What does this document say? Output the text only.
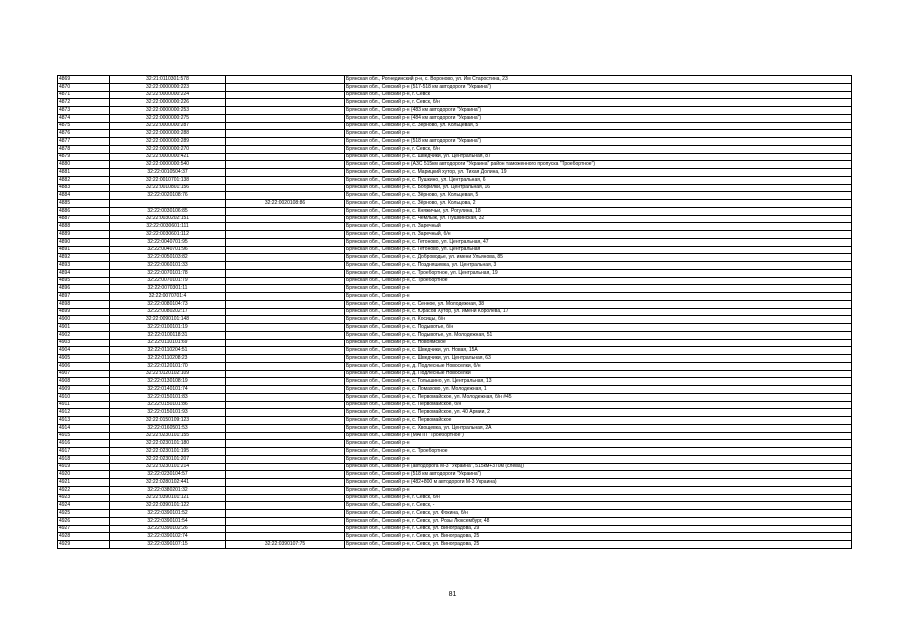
4869	32:21:0110301:578		Брянская обл., Рогнединский р-н, с. Вороново, ул. Им Старостина, 23
4870	32:22:0000000:223		Брянская обл., Севский р-н (517-518 км автодороги "Украина")
4871	32:22:0000000:224		Брянская обл., Севский р-н, г. Севск
4872	32:22:0000000:226		Брянская обл., Севский р-н, г. Севск, б/н
4873	32:22:0000000:253		Брянская обл., Севский р-н (483 км автодороги "Украина")
4874	32:22:0000000:275		Брянская обл., Севский р-н (484 км автодороги "Украина")
4875	32:22:0000000:287		Брянская обл., Севский р-н, с. Зёрново, ул. Кольцевая, 5
4876	32:22:0000000:288		Брянская обл., Севский р-н
4877	32:22:0000000:289		Брянская обл., Севский р-н (518 км автодороги "Украина")
4878	32:22:0000000:270		Брянская обл., Севский р-н, г. Севск, б/н
4879	32:22:0000000:421		Брянская обл., Севский р-н, с. Шведчики, ул. Центральная, 87
4880	32:22:0000000:540		Брянская обл., Севский р-н (АЗС 515км автодороги "Украина" район таможенного пропуска "Троебортное")
4881	32:22:0010504:37		Брянская обл., Севский р-н, с. Марицкий хутор, ул. Тихая Долина, 19
4882	32:22:0010701:138		Брянская обл., Севский р-н, с. Пушкино, ул. Центральная, 6
4883	32:22:0010801:156		Брянская обл., Севский р-н, с. Бобрилки, ул. Центральная, 16
4884	32:22:0020108:76		Брянская обл., Севский р-н, с. Зёрново, ул. Кольцевая, 5
4885		32:22:0020108:86	Брянская обл., Севский р-н, с. Зёрново, ул. Кольцова, 2
4886	32:22:0030106:85		Брянская обл., Севский р-н, с. Княжичьи, ул. Рогулина, 18
4887	32:22:0030202:151		Брянская обл., Севский р-н, с. Чемлыж, ул. Пушкинская, 32
4888	32:22:0030601:111		Брянская обл., Севский р-н, п. Заречный
4889	32:22:0030601:112		Брянская обл., Севский р-н, п. Заречный, б/н
4890	32:22:0040701:95		Брянская обл., Севский р-н, с. Гетоново, ул. Центральная, 47
4891	32:22:0040701:96		Брянская обл., Севский р-н, с. Гетоново, ул. Центральная
4892	32:22:0050103:82		Брянская обл., Севский р-н, с. Доброводье, ул. имени Ульянова, 85
4893	32:22:0060101:33		Брянская обл., Севский р-н, с. Поздняшевка, ул. Центральная, 3
4894	32:22:0070101:78		Брянская обл., Севский р-н, с. Троебортное, ул. Центральная, 19
4895	32:22:0070101:79		Брянская обл., Севский р-н, с. Троебортное
4896	32:22:0070301:11		Брянская обл., Севский р-н
4897	32:22:0070701:4		Брянская обл., Севский р-н
4898	32:22:0080104:73		Брянская обл., Севский р-н, с. Сенное, ул. Молодежная, 38
4899	32:22:0080202:17		Брянская обл., Севский р-н, с. Юрасов Хутор, ул. имени Королёва, 17
4900	32:22:0090101:148		Брянская обл., Севский р-н, п. Косицы, б/н
4901	32:22:0100101:19		Брянская обл., Севский р-н, с. Подывотье, б/н
4902	32:22:0100118:31		Брянская обл., Севский р-н, с. Подывотье, ул. Молодежная, 51
4903	32:22:0110101:69		Брянская обл., Севский р-н, с. Новоямское
4904	32:22:0110204:51		Брянская обл., Севский р-н, с. Шведчики, ул. Новая, 15А
4905	32:22:0110208:23		Брянская обл., Севский р-н, с. Шведчики, ул. Центральная, 63
4906	32:22:0120101:70		Брянская обл., Севский р-н, д. Подлесные Новоселки, б/н
4907	32:22:0120102:109		Брянская обл., Севский р-н, д. Подлесные Новоселки
4908	32:22:0130108:19		Брянская обл., Севский р-н, с. Голышино, ул. Центральная, 13
4909	32:22:0140101:74		Брянская обл., Севский р-н, с. Ломахово, ул. Молодежная, 1
4910	32:22:0150101:83		Брянская обл., Севский р-н, с. Первомайское, ул. Молодежная, б/н #45
4911	32:22:0150101:86		Брянская обл., Севский р-н, с. Первомайское, б/н
4912	32:22:0150101:93		Брянская обл., Севский р-н, с. Первомайское, ул. 40 Армии, 2
4913	32:22:0150109:123		Брянская обл., Севский р-н, с. Первомайское
4914	32:22:0160501:53		Брянская обл., Севский р-н, с. Хвощевка, ул. Центральная, 2А
4915	32:22:0230101:155		Брянская обл., Севский р-н (МАПП "Троебортное")
4916	32:22:0230101:180		Брянская обл., Севский р-н
4917	32:22:0230101:195		Брянская обл., Севский р-н, с. Троебортное
4918	32:22:0230101:207		Брянская обл., Севский р-н
4919	32:22:0230101:214		Брянская обл., Севский р-н (автодорога М-3 "Украина", 515км+370м (слева))
4920	32:22:0230104:57		Брянская обл., Севский р-н (518 км автодороги "Украина")
4921	32:22:0280102:441		Брянская обл., Севский р-н (482+800 м автодороги М-3 Украина)
4922	32:22:0380201:32		Брянская обл., Севский р-н
4923	32:22:0390101:121		Брянская обл., Севский р-н, г. Севск, б/н
4924	32:22:0390101:122		Брянская обл., Севский р-н, г. Севск, -
4925	32:22:0390101:52		Брянская обл., Севский р-н, г. Севск, ул. Фокина, б/н
4926	32:22:0390101:54		Брянская обл., Севский р-н, г. Севск, ул. Розы Люксембург, 48
4927	32:22:0390102:26		Брянская обл., Севский р-н, г. Севск, ул. Виноградова, 29
4928	32:22:0390102:74		Брянская обл., Севский р-н, г. Севск, ул. Виноградова, 25
4929	32:22:0390107:15	32:22:0390107:75	Брянская обл., Севский р-н, г. Севск, ул. Виноградова, 25
81
